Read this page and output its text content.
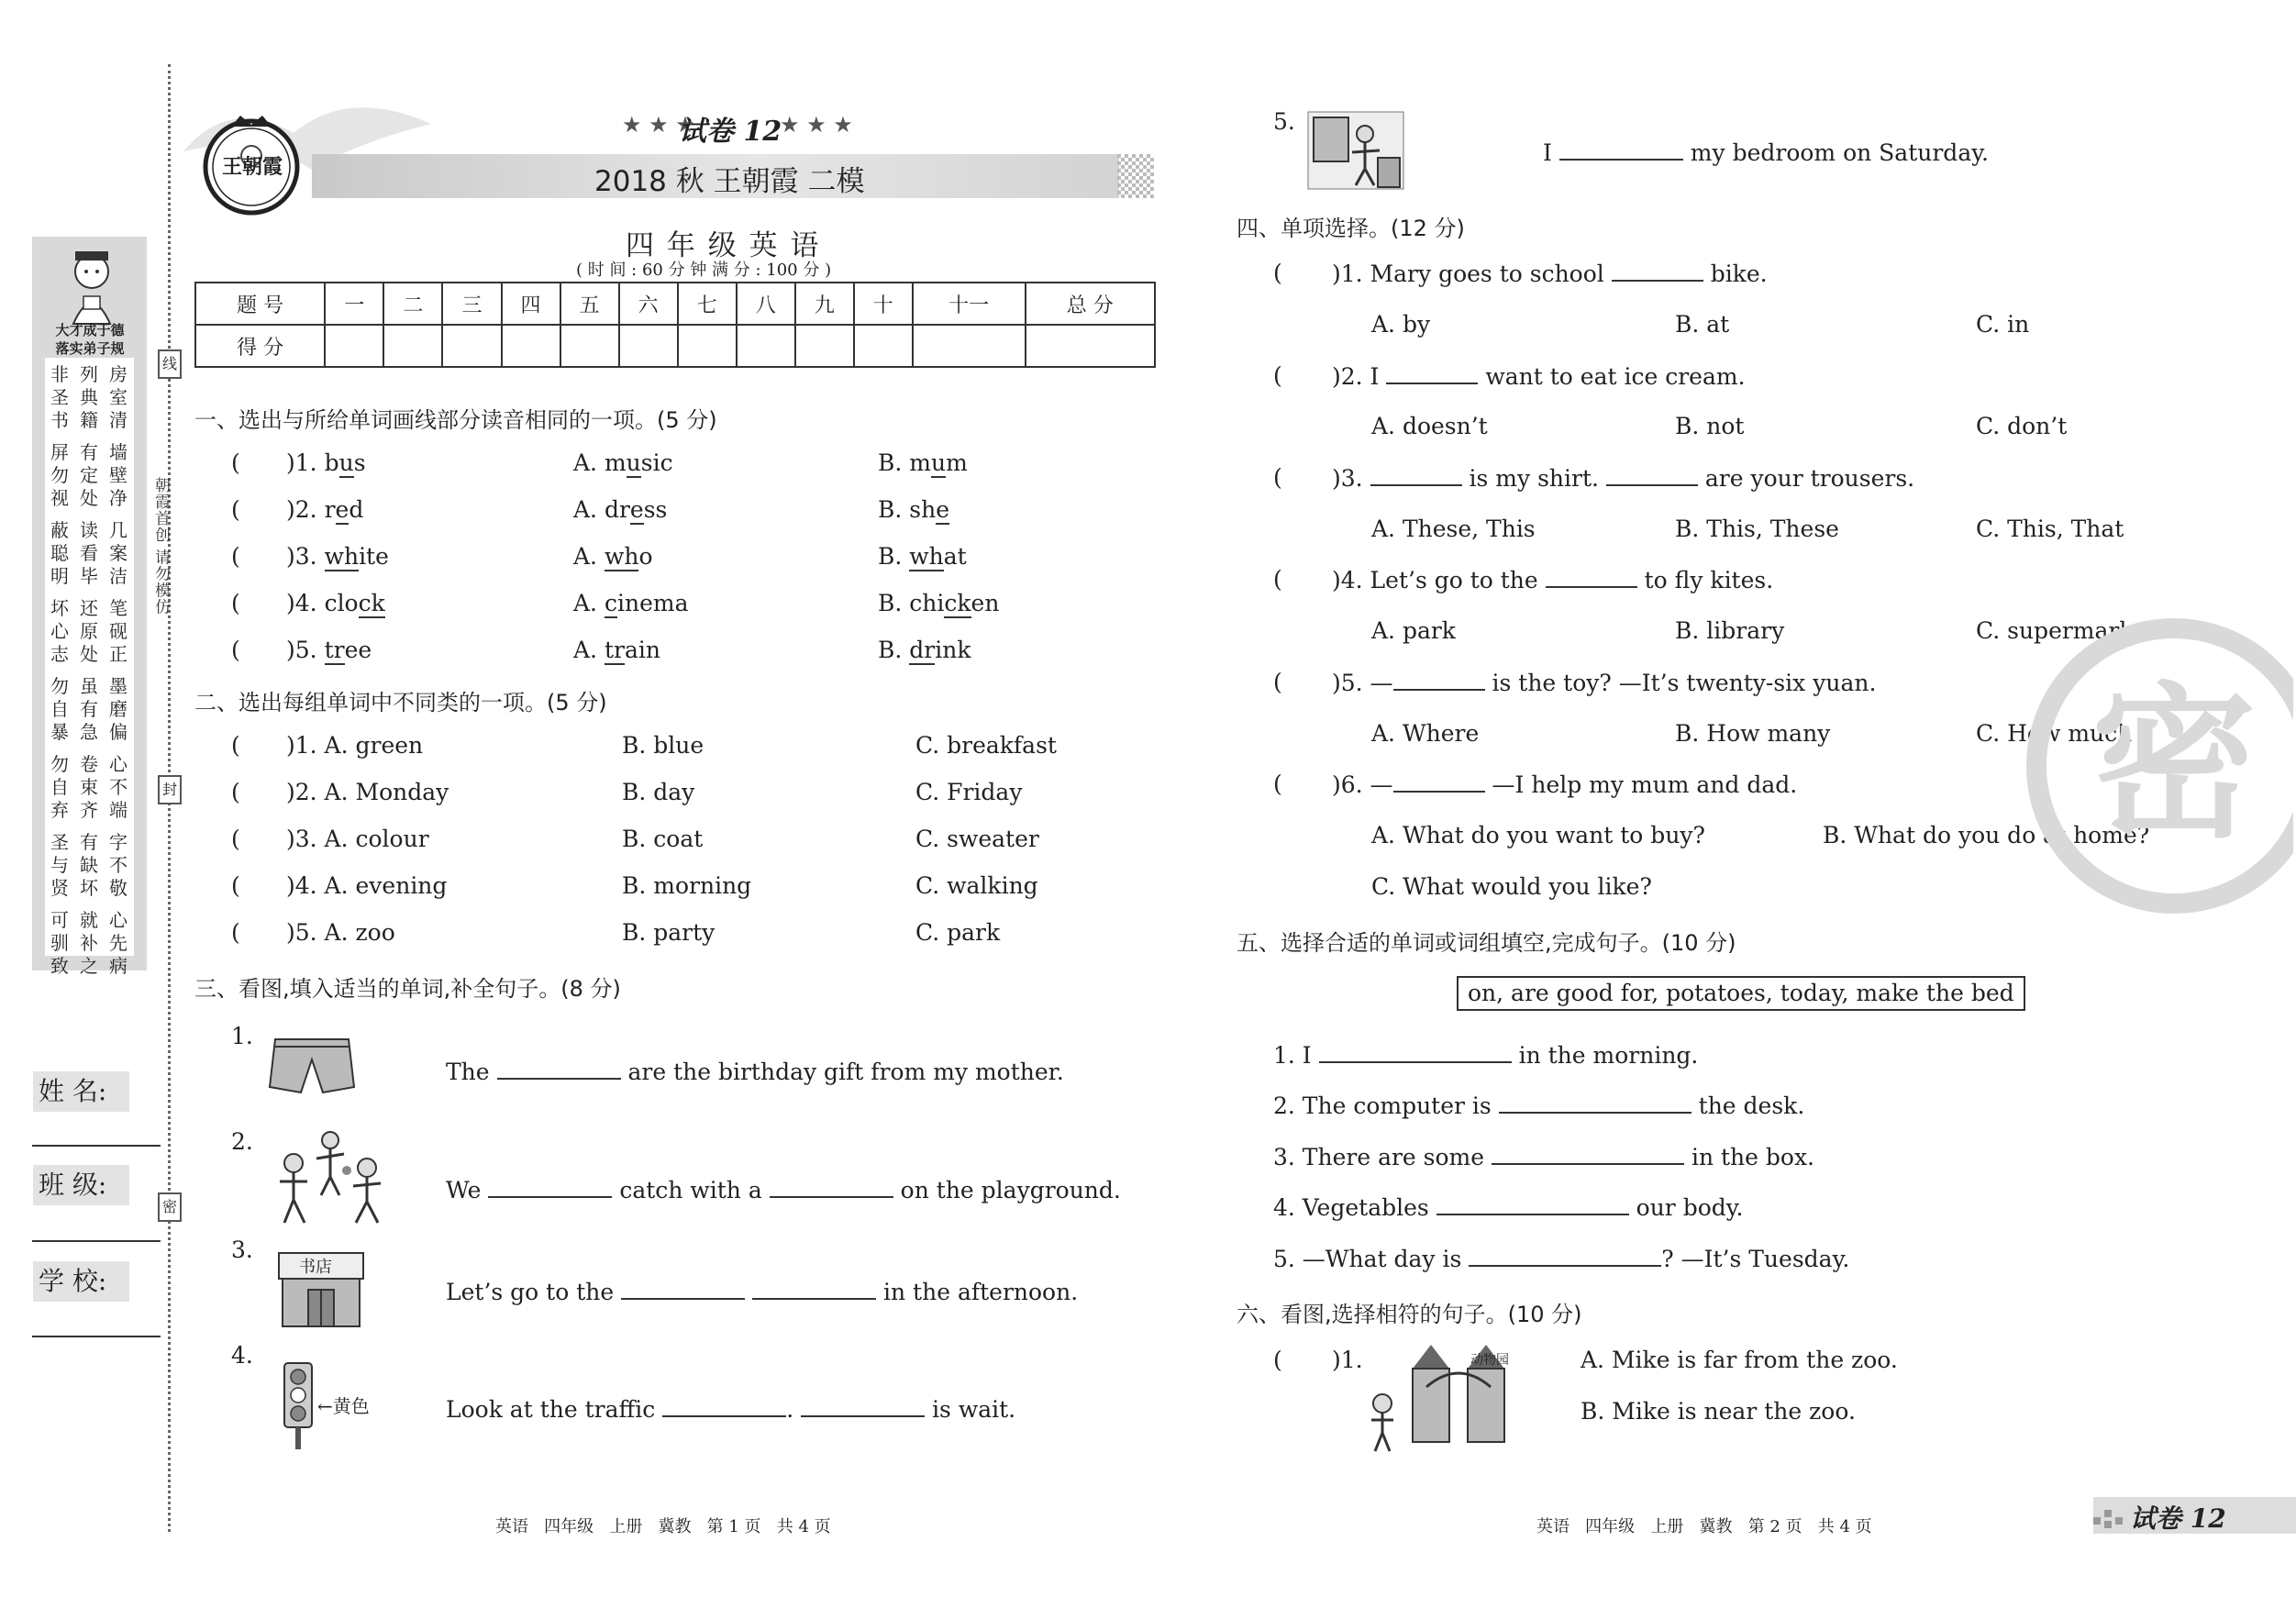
大才成于德
落实弟子规
非圣书
屏勿视
蔽聪明
坏心志
勿自暴
勿自弃
圣与贤
可驯致
列典籍
有定处
读看毕
还原处
虽有急
卷束齐
有缺坏
就补之
房室清
墙壁净
几案洁
笔砚正
墨磨偏
心不端
字不敬
心先病
线
封
密
朝霞首创 请勿模仿
姓 名:
班 级:
学 校:
王朝霞
★ ★ ★
试卷 12
★ ★ ★
2018 秋 王朝霞 二模
四 年 级 英 语
( 时 间 : 60 分 钟 满 分 : 100 分 )
题 号	一	二	三	四	五	六	七	八	九	十	十一	总 分
得 分												
一、选出与所给单词画线部分读音相同的一项。(5 分)
( )1. bus	A. music	B. mum
( )2. red	A. dress	B. she
( )3. white	A. who	B. what
( )4. clock	A. cinema	B. chicken
( )5. tree	A. train	B. drink
二、选出每组单词中不同类的一项。(5 分)
( )1. A. green	B. blue	C. breakfast
( )2. A. Monday	B. day	C. Friday
( )3. A. colour	B. coat	C. sweater
( )4. A. evening	B. morning	C. walking
( )5. A. zoo	B. party	C. park
三、看图,填入适当的单词,补全句子。(8 分)
1.
The	are the birthday gift from my mother.
2.
We	catch with a	on the playground.
3.
书店
Let’s go to the	in the afternoon.
4.
←黄色	Look at the traffic	.	is wait.
5.
I	my bedroom on Saturday.
四、单项选择。(12 分)
( )1. Mary goes to school	bike.
A. by	B. at	C. in
( )2. I	want to eat ice cream.
A. doesn’t	B. not	C. don’t
( )3.	is my shirt.	are your trousers.
A. These, This	B. This, These	C. This, That
( )4. Let’s go to the	to fly kites.
A. park	B. library	C. supermarket
( )5. —	is the toy? —It’s twenty-six yuan.
A. Where	B. How many	C. How much
( )6. —	—I help my mum and dad.
A. What do you want to buy?	B. What do you do at home?
C. What would you like?
五、选择合适的单词或词组填空,完成句子。(10 分)
on, are good for, potatoes, today, make the bed
1. I	in the morning.
2. The computer is	the desk.
3. There are some	in the box.
4. Vegetables	our body.
5. —What day is	? —It’s Tuesday.
六、看图,选择相符的句子。(10 分)
( )1.	动物园	A. Mike is far from the zoo.
B. Mike is near the zoo.
密
英语   四年级   上册   冀教   第 1 页   共 4 页	英语   四年级   上册   冀教   第 2 页   共 4 页	试卷 12
